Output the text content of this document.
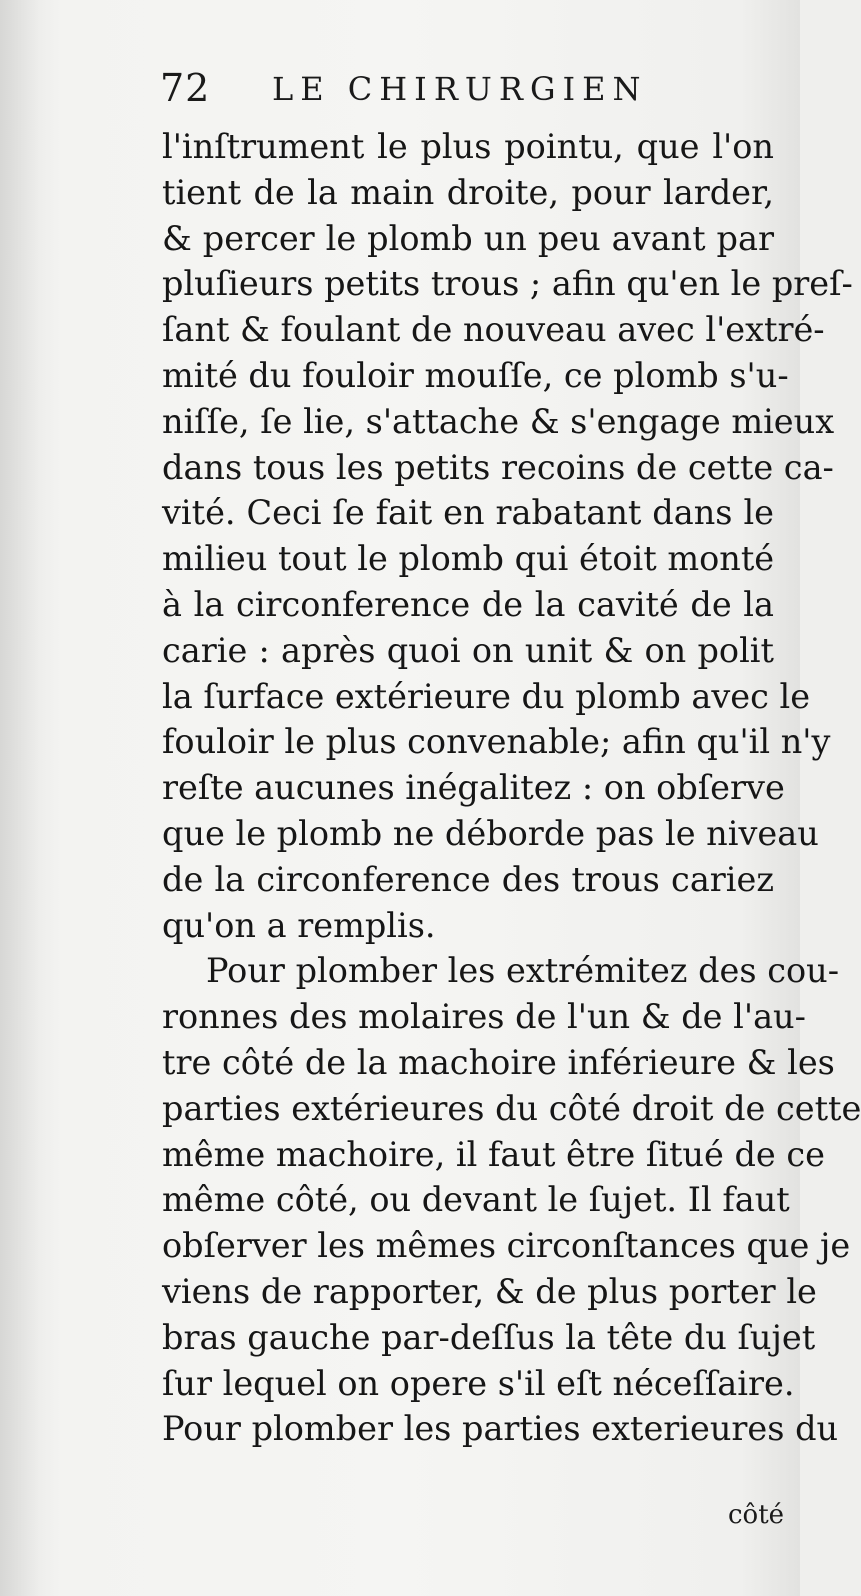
72 LE CHIRURGIEN
l'inſtrument le plus pointu, que l'on
tient de la main droite, pour larder,
& percer le plomb un peu avant par
pluſieurs petits trous ; afin qu'en le preſ-
ſant & foulant de nouveau avec l'extré-
mité du fouloir mouſſe, ce plomb s'u-
niſſe, ſe lie, s'attache & s'engage mieux
dans tous les petits recoins de cette ca-
vité. Ceci ſe fait en rabatant dans le
milieu tout le plomb qui étoit monté
à la circonference de la cavité de la
carie : après quoi on unit & on polit
la ſurface extérieure du plomb avec le
fouloir le plus convenable; afin qu'il n'y
reſte aucunes inégalitez : on obſerve
que le plomb ne déborde pas le niveau
de la circonference des trous cariez
qu'on a remplis.
Pour plomber les extrémitez des cou-
ronnes des molaires de l'un & de l'au-
tre côté de la machoire inférieure & les
parties extérieures du côté droit de cette
même machoire, il faut être ſitué de ce
même côté, ou devant le ſujet. Il faut
obſerver les mêmes circonſtances que je
viens de rapporter, & de plus porter le
bras gauche par-deſſus la tête du ſujet
ſur lequel on opere s'il eſt néceſſaire.
Pour plomber les parties exterieures du
côté
